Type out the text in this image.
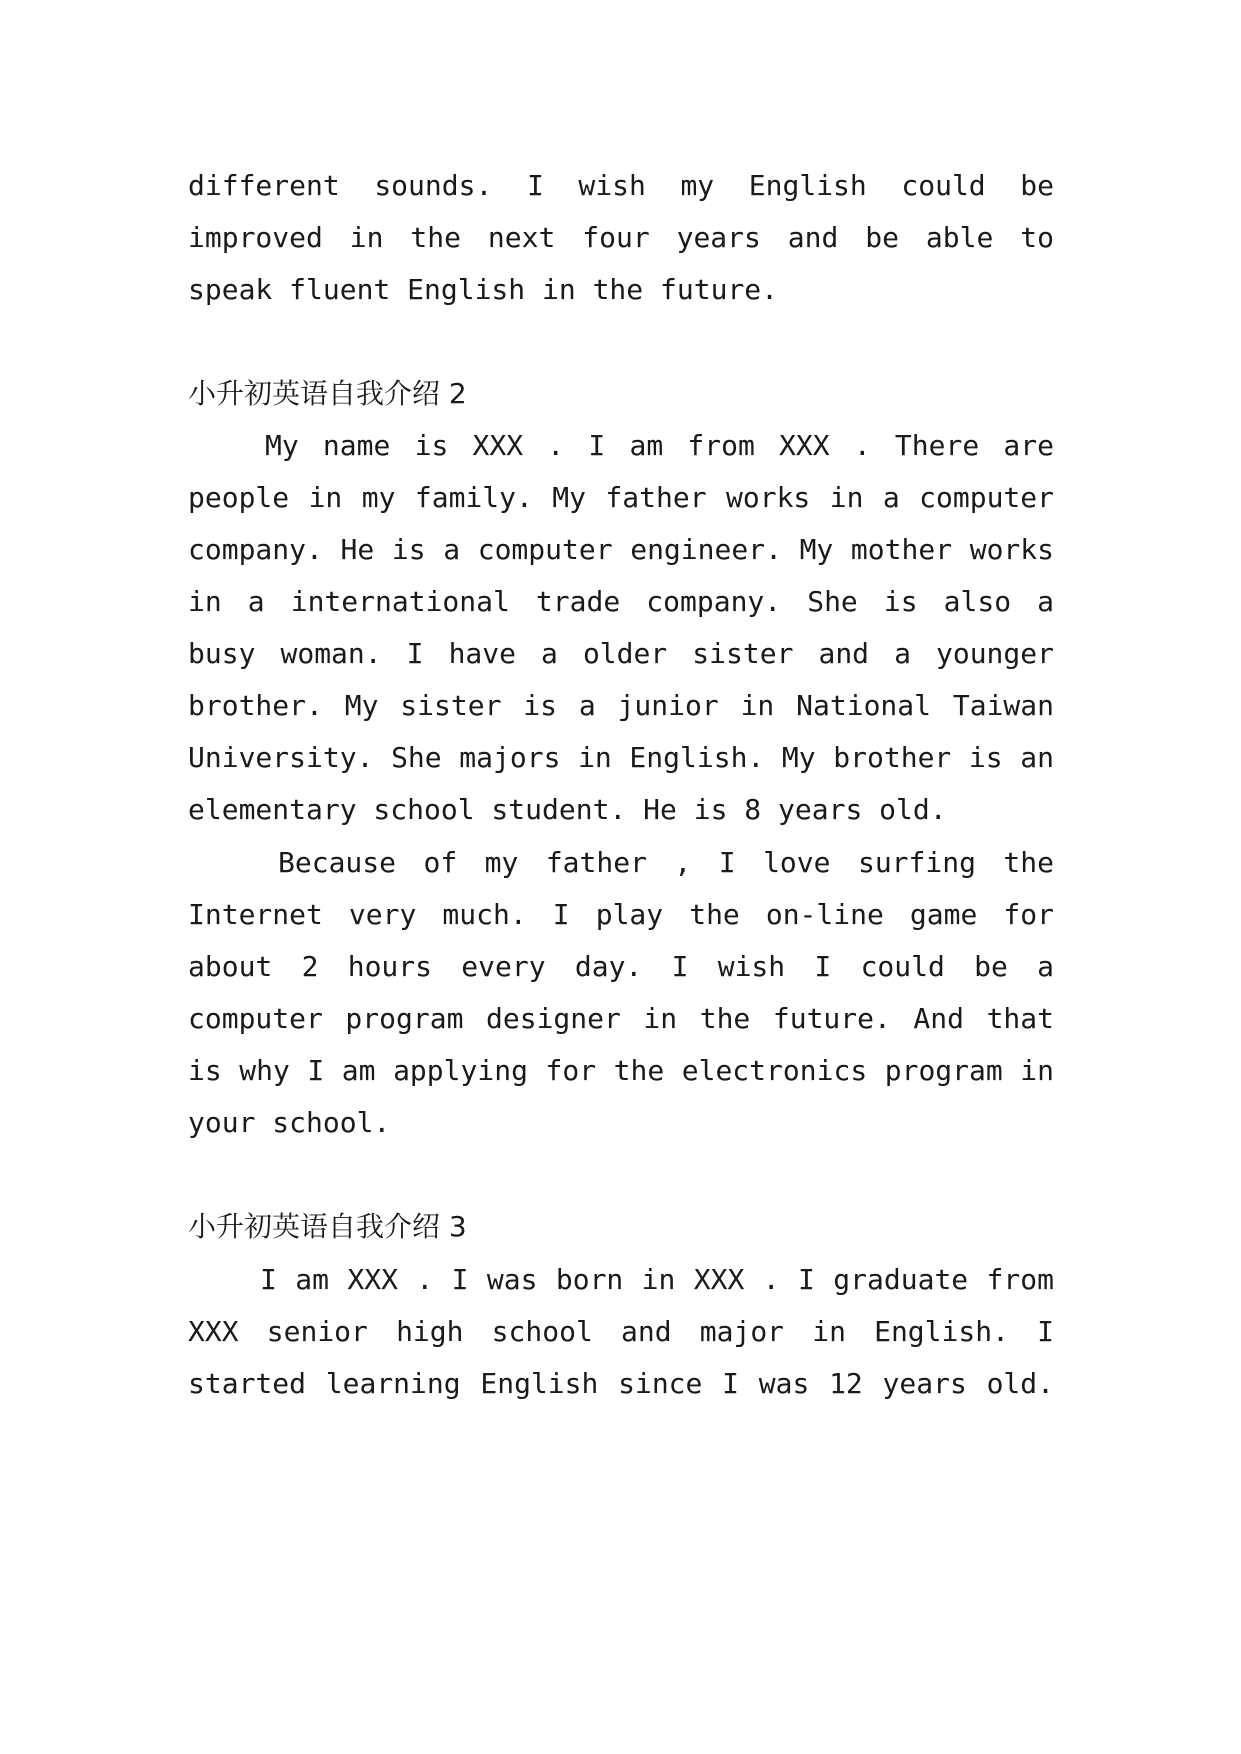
different sounds. I wish my English could be
improved in the next four years and be able to
speak fluent English in the future.
小升初英语自我介绍 2
My name is XXX . I am from XXX . There are
people in my family. My father works in a computer
company. He is a computer engineer. My mother works
in a international trade company. She is also a
busy woman. I have a older sister and a younger
brother. My sister is a junior in National Taiwan
University. She majors in English. My brother is an
elementary school student. He is 8 years old.
Because of my father , I love surfing the
Internet very much. I play the on-line game for
about 2 hours every day. I wish I could be a
computer program designer in the future. And that
is why I am applying for the electronics program in
your school.
小升初英语自我介绍 3
I am XXX . I was born in XXX . I graduate from
XXX senior high school and major in English. I
started learning English since I was 12 years old.
